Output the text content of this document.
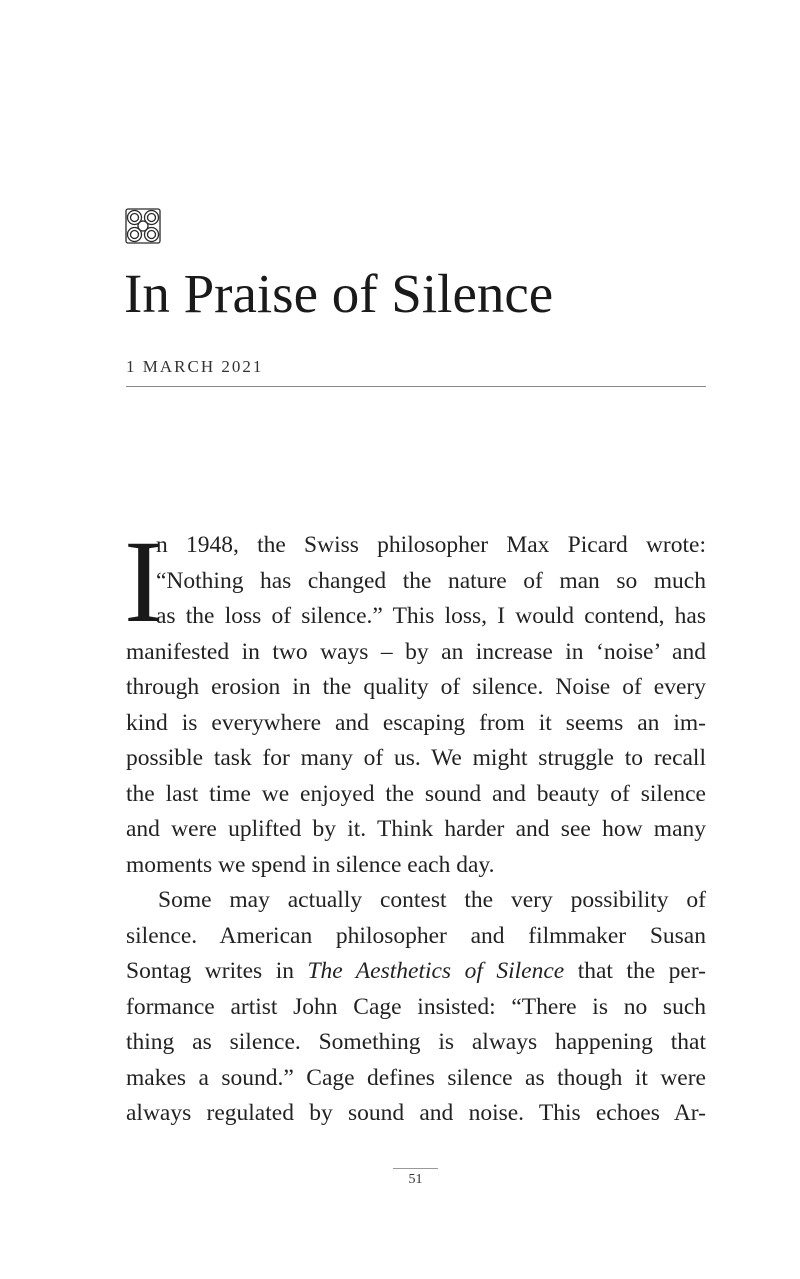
In Praise of Silence
1 MARCH 2021
I
n 1948, the Swiss philosopher Max Picard wrote:
“Nothing has changed the nature of man so much
as the loss of silence.” This loss, I would contend, has
manifested in two ways – by an increase in ‘noise’ and
through erosion in the quality of silence. Noise of every
kind is everywhere and escaping from it seems an im-
possible task for many of us. We might struggle to recall
the last time we enjoyed the sound and beauty of silence
and were uplifted by it. Think harder and see how many
moments we spend in silence each day.
Some may actually contest the very possibility of
silence. American philosopher and filmmaker Susan
Sontag writes in The Aesthetics of Silence that the per-
formance artist John Cage insisted: “There is no such
thing as silence. Something is always happening that
makes a sound.” Cage defines silence as though it were
always regulated by sound and noise. This echoes Ar-
51
